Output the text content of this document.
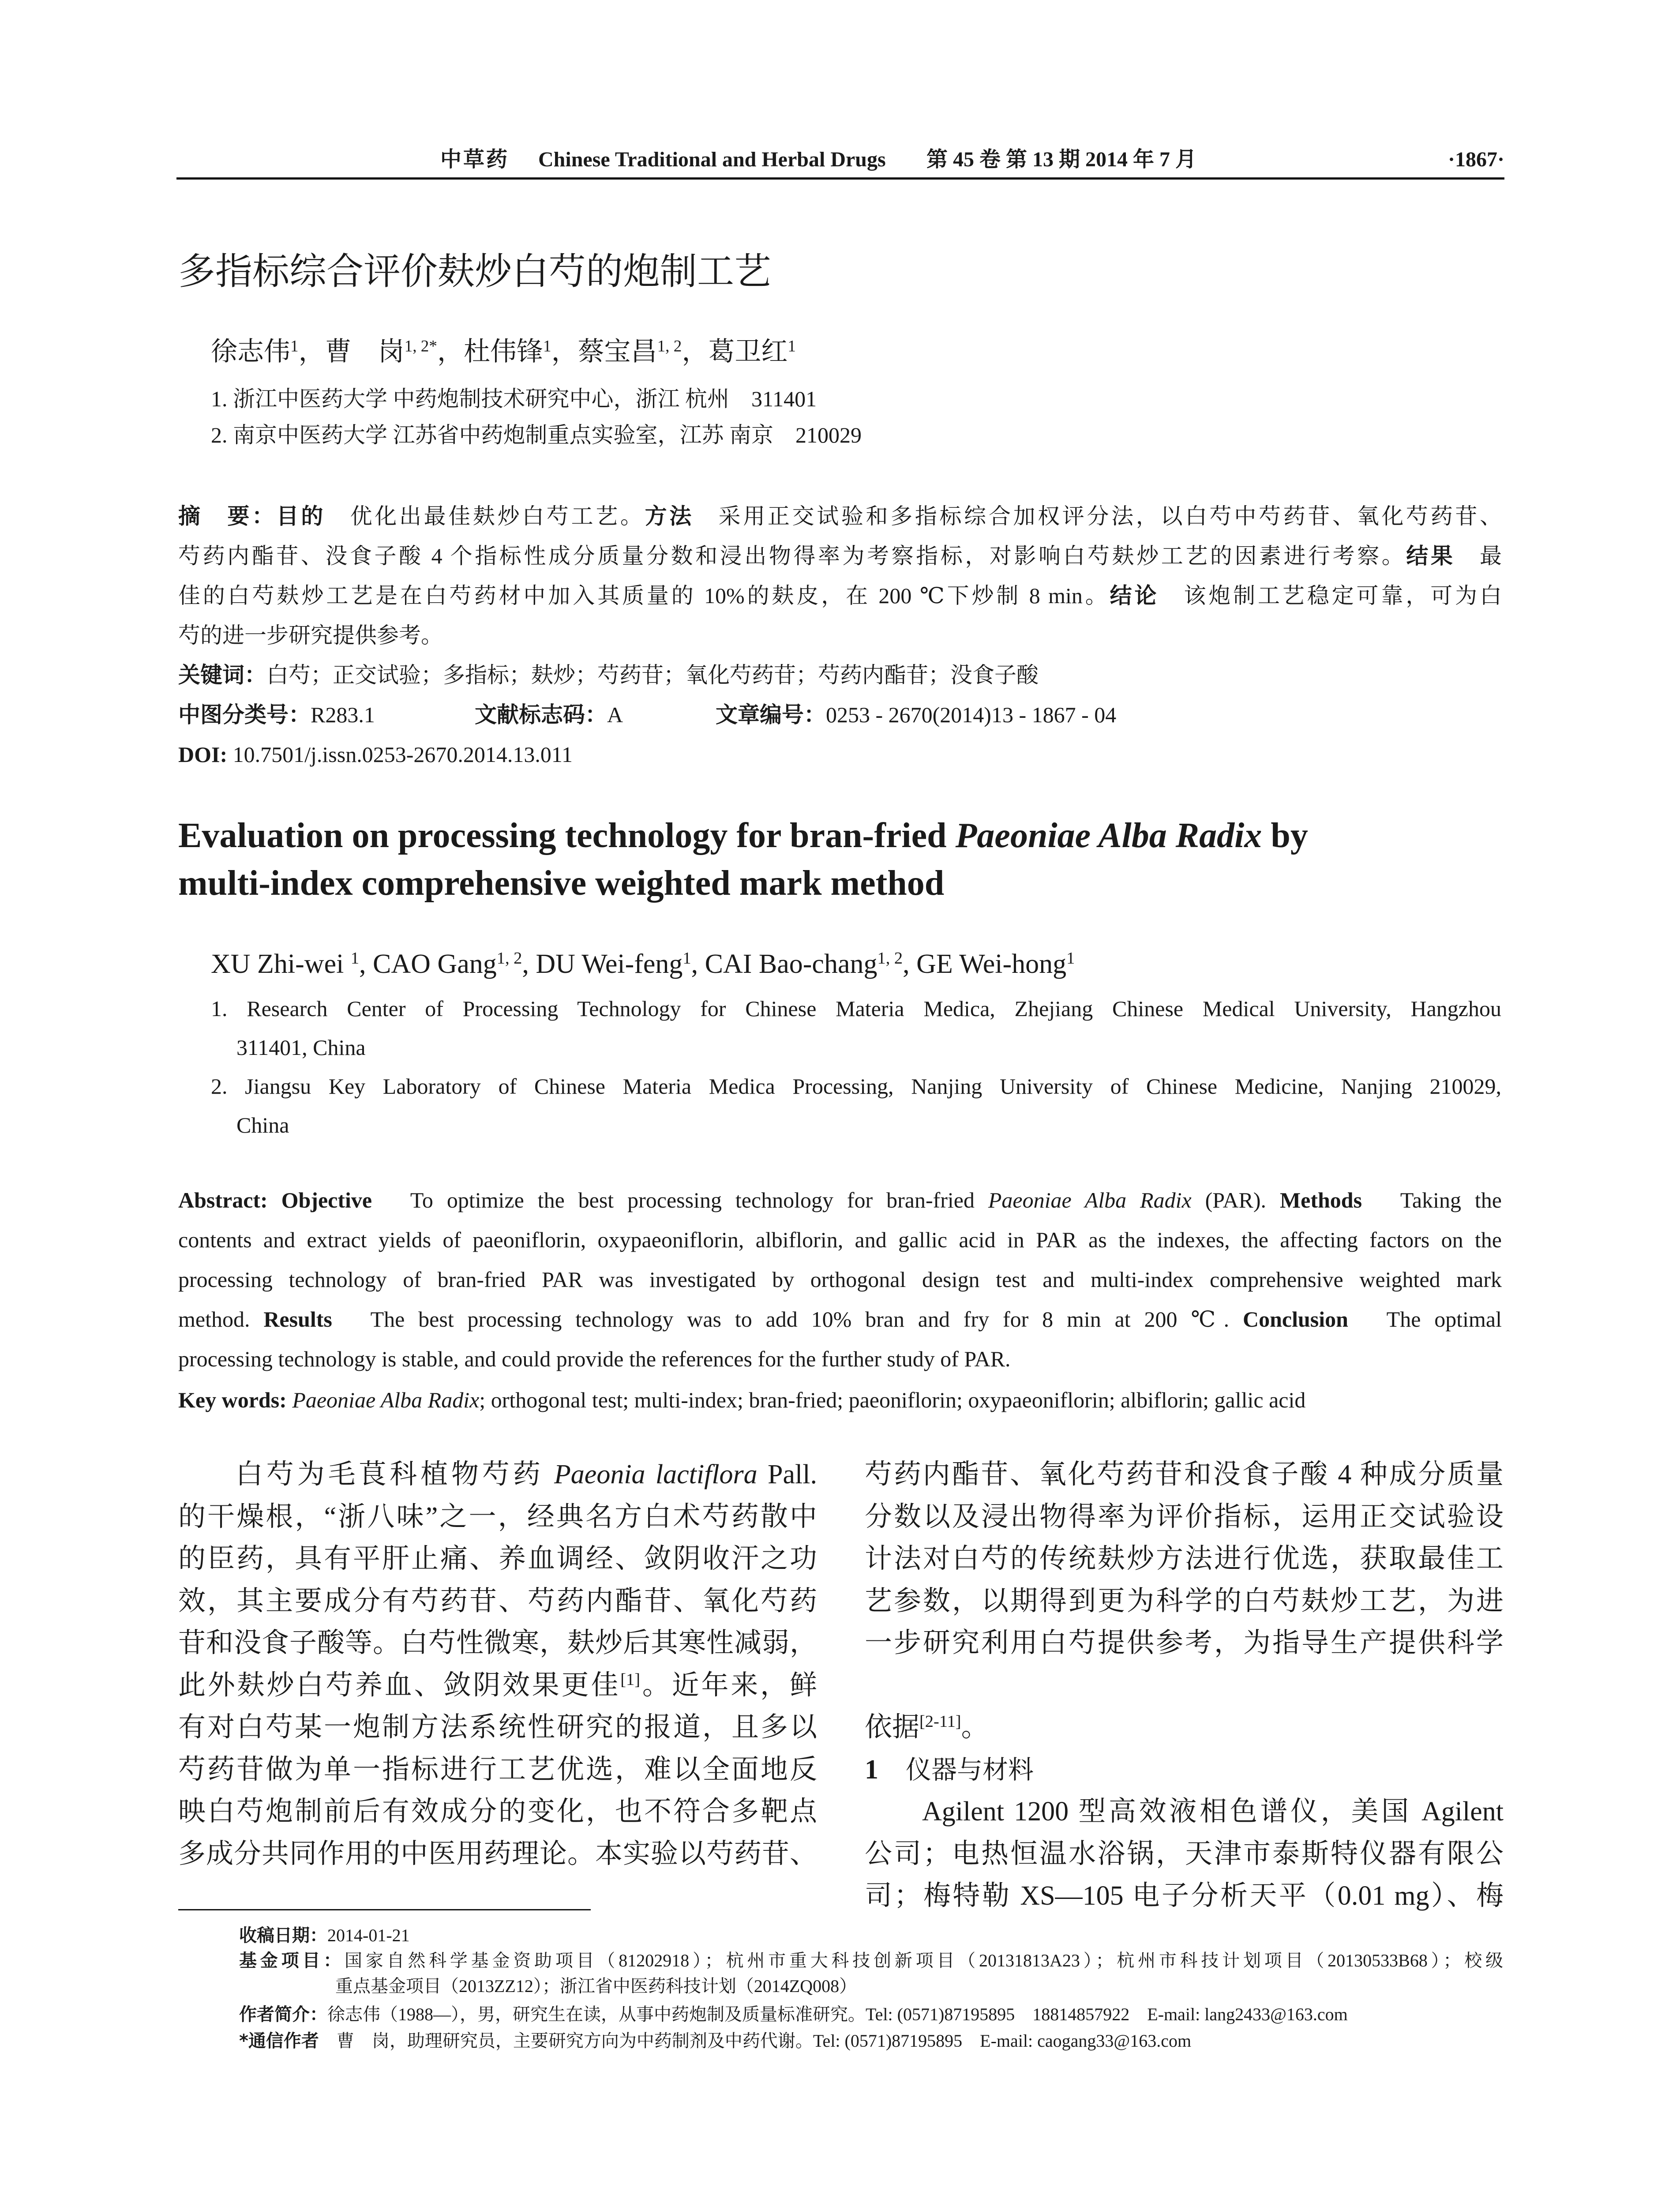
中草药 Chinese Traditional and Herbal Drugs 第 45 卷 第 13 期 2014 年 7 月	·1867·
多指标综合评价麸炒白芍的炮制工艺
徐志伟$^1$，曹　岗$^{1, 2*}$，杜伟锋$^1$，蔡宝昌$^{1, 2}$，葛卫红$^1$
1. 浙江中医药大学 中药炮制技术研究中心，浙江 杭州　311401
2. 南京中医药大学 江苏省中药炮制重点实验室，江苏 南京　210029
摘　要：目的　优化出最佳麸炒白芍工艺。方法　采用正交试验和多指标综合加权评分法，以白芍中芍药苷、氧化芍药苷、
芍药内酯苷、没食子酸 4 个指标性成分质量分数和浸出物得率为考察指标，对影响白芍麸炒工艺的因素进行考察。结果　最
佳的白芍麸炒工艺是在白芍药材中加入其质量的 10%的麸皮，在 200 ℃下炒制 8 min。结论　该炮制工艺稳定可靠，可为白
芍的进一步研究提供参考。
关键词：白芍；正交试验；多指标；麸炒；芍药苷；氧化芍药苷；芍药内酯苷；没食子酸
中图分类号：R283.1	文献标志码：A	文章编号：0253 - 2670(2014)13 - 1867 - 04
DOI: 10.7501/j.issn.0253-2670.2014.13.011
Evaluation on processing technology for bran-fried Paeoniae Alba Radix by
multi-index comprehensive weighted mark method
XU Zhi-wei $^1$, CAO Gang$^{1, 2}$, DU Wei-feng$^1$, CAI Bao-chang$^{1, 2}$, GE Wei-hong$^1$
1. Research Center of Processing Technology for Chinese Materia Medica, Zhejiang Chinese Medical University, Hangzhou
311401, China
2. Jiangsu Key Laboratory of Chinese Materia Medica Processing, Nanjing University of Chinese Medicine, Nanjing 210029,
China
Abstract: Objective　To optimize the best processing technology for bran-fried Paeoniae Alba Radix (PAR). Methods　Taking the
contents and extract yields of paeoniflorin, oxypaeoniflorin, albiflorin, and gallic acid in PAR as the indexes, the affecting factors on the
processing technology of bran-fried PAR was investigated by orthogonal design test and multi-index comprehensive weighted mark
method. Results　The best processing technology was to add 10% bran and fry for 8 min at 200 ℃. Conclusion　The optimal
processing technology is stable, and could provide the references for the further study of PAR.
Key words: Paeoniae Alba Radix; orthogonal test; multi-index; bran-fried; paeoniflorin; oxypaeoniflorin; albiflorin; gallic acid
白芍为毛茛科植物芍药 Paeonia lactiflora Pall.
的干燥根，“浙八味”之一，经典名方白术芍药散中
的臣药，具有平肝止痛、养血调经、敛阴收汗之功
效，其主要成分有芍药苷、芍药内酯苷、氧化芍药
苷和没食子酸等。白芍性微寒，麸炒后其寒性减弱，
此外麸炒白芍养血、敛阴效果更佳[1]。近年来，鲜
有对白芍某一炮制方法系统性研究的报道，且多以
芍药苷做为单一指标进行工艺优选，难以全面地反
映白芍炮制前后有效成分的变化，也不符合多靶点
多成分共同作用的中医用药理论。本实验以芍药苷、
芍药内酯苷、氧化芍药苷和没食子酸 4 种成分质量
分数以及浸出物得率为评价指标，运用正交试验设
计法对白芍的传统麸炒方法进行优选，获取最佳工
艺参数，以期得到更为科学的白芍麸炒工艺，为进
一步研究利用白芍提供参考，为指导生产提供科学
依据[2-11]。
1　仪器与材料
Agilent 1200 型高效液相色谱仪，美国 Agilent
公司；电热恒温水浴锅，天津市泰斯特仪器有限公
司；梅特勒 XS—105 电子分析天平（0.01 mg）、梅
收稿日期：2014-01-21
基金项目：国家自然科学基金资助项目（81202918）；杭州市重大科技创新项目（20131813A23）；杭州市科技计划项目（20130533B68）；校级
重点基金项目（2013ZZ12）；浙江省中医药科技计划（2014ZQ008）
作者简介：徐志伟（1988—），男，研究生在读，从事中药炮制及质量标准研究。Tel: (0571)87195895　18814857922　E-mail: lang2433@163.com
*通信作者　曹　岗，助理研究员，主要研究方向为中药制剂及中药代谢。Tel: (0571)87195895　E-mail: caogang33@163.com
